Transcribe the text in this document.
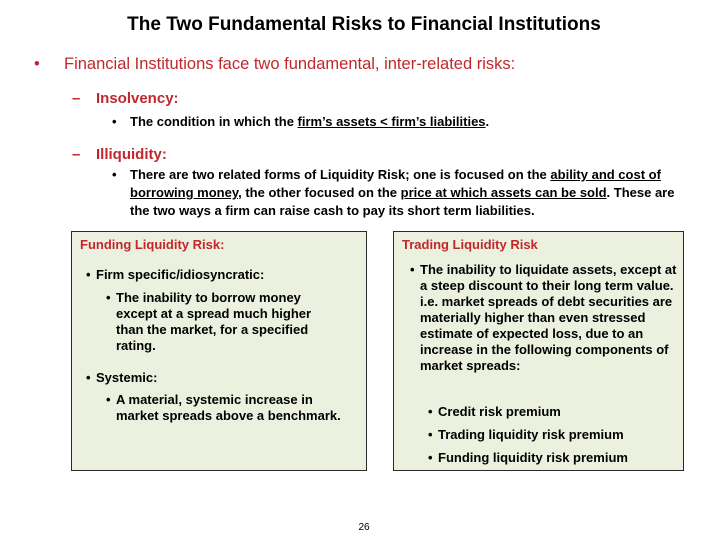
The Two Fundamental Risks to Financial Institutions
• Financial Institutions face two fundamental, inter-related risks:
– Insolvency:
• The condition in which the firm’s assets < firm’s liabilities.
– Illiquidity:
• There are two related forms of Liquidity Risk; one is focused on the ability and cost of borrowing money, the other focused on the price at which assets can be sold. These are the two ways a firm can raise cash to pay its short term liabilities.
Funding Liquidity Risk:
• Firm specific/idiosyncratic:
• The inability to borrow money except at a spread much higher than the market, for a specified rating.
• Systemic:
• A material, systemic increase in market spreads above a benchmark.
Trading Liquidity Risk
• The inability to liquidate assets, except at a steep discount to their long term value. i.e. market spreads of debt securities are materially higher than even stressed estimate of expected loss, due to an increase in the following components of market spreads:
• Credit risk premium
• Trading liquidity risk premium
• Funding liquidity risk premium
26
